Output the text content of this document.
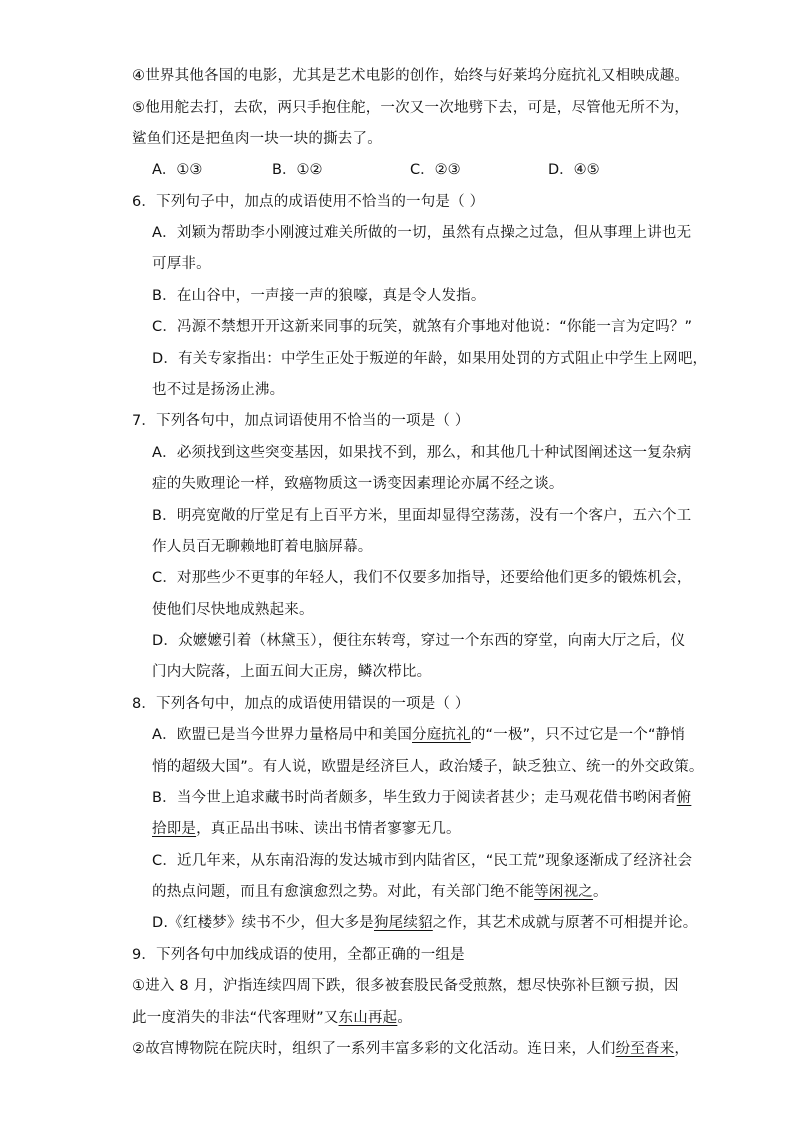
④世界其他各国的电影，尤其是艺术电影的创作，始终与好莱坞分庭抗礼又相映成趣。
⑤他用舵去打，去砍，两只手抱住舵，一次又一次地劈下去，可是，尽管他无所不为，
鲨鱼们还是把鱼肉一块一块的撕去了。
A．①③	B．①②	C．②③	D．④⑤
6．下列句子中，加点的成语使用不恰当的一句是（ ）
A．刘颖为帮助李小刚渡过难关所做的一切，虽然有点操之过急，但从事理上讲也无
可厚非。
B．在山谷中，一声接一声的狼嚎，真是令人发指。
C．冯源不禁想开开这新来同事的玩笑，就煞有介事地对他说：“你能一言为定吗？”
D．有关专家指出：中学生正处于叛逆的年龄，如果用处罚的方式阻止中学生上网吧，
也不过是扬汤止沸。
7．下列各句中，加点词语使用不恰当的一项是（ ）
A．必须找到这些突变基因，如果找不到，那么，和其他几十种试图阐述这一复杂病
症的失败理论一样，致癌物质这一诱变因素理论亦属不经之谈。
B．明亮宽敞的厅堂足有上百平方米，里面却显得空荡荡，没有一个客户，五六个工
作人员百无聊赖地盯着电脑屏幕。
C．对那些少不更事的年轻人，我们不仅要多加指导，还要给他们更多的锻炼机会，
使他们尽快地成熟起来。
D．众嬷嬷引着（林黛玉），便往东转弯，穿过一个东西的穿堂，向南大厅之后，仪
门内大院落，上面五间大正房，鳞次栉比。
8．下列各句中，加点的成语使用错误的一项是（ ）
A．欧盟已是当今世界力量格局中和美国分庭抗礼的“一极”，只不过它是一个“静悄
悄的超级大国”。有人说，欧盟是经济巨人，政治矮子，缺乏独立、统一的外交政策。
B．当今世上追求藏书时尚者颇多，毕生致力于阅读者甚少；走马观花借书哟闲者俯
拾即是，真正品出书味、读出书情者寥寥无几。
C．近几年来，从东南沿海的发达城市到内陆省区，“民工荒”现象逐渐成了经济社会
的热点问题，而且有愈演愈烈之势。对此，有关部门绝不能等闲视之。
D.《红楼梦》续书不少，但大多是狗尾续貂之作，其艺术成就与原著不可相提并论。
9．下列各句中加线成语的使用，全都正确的一组是
①进入 8 月，沪指连续四周下跌，很多被套股民备受煎熬，想尽快弥补巨额亏损，因
此一度消失的非法“代客理财”又东山再起。
②故宫博物院在院庆时，组织了一系列丰富多彩的文化活动。连日来，人们纷至沓来，
